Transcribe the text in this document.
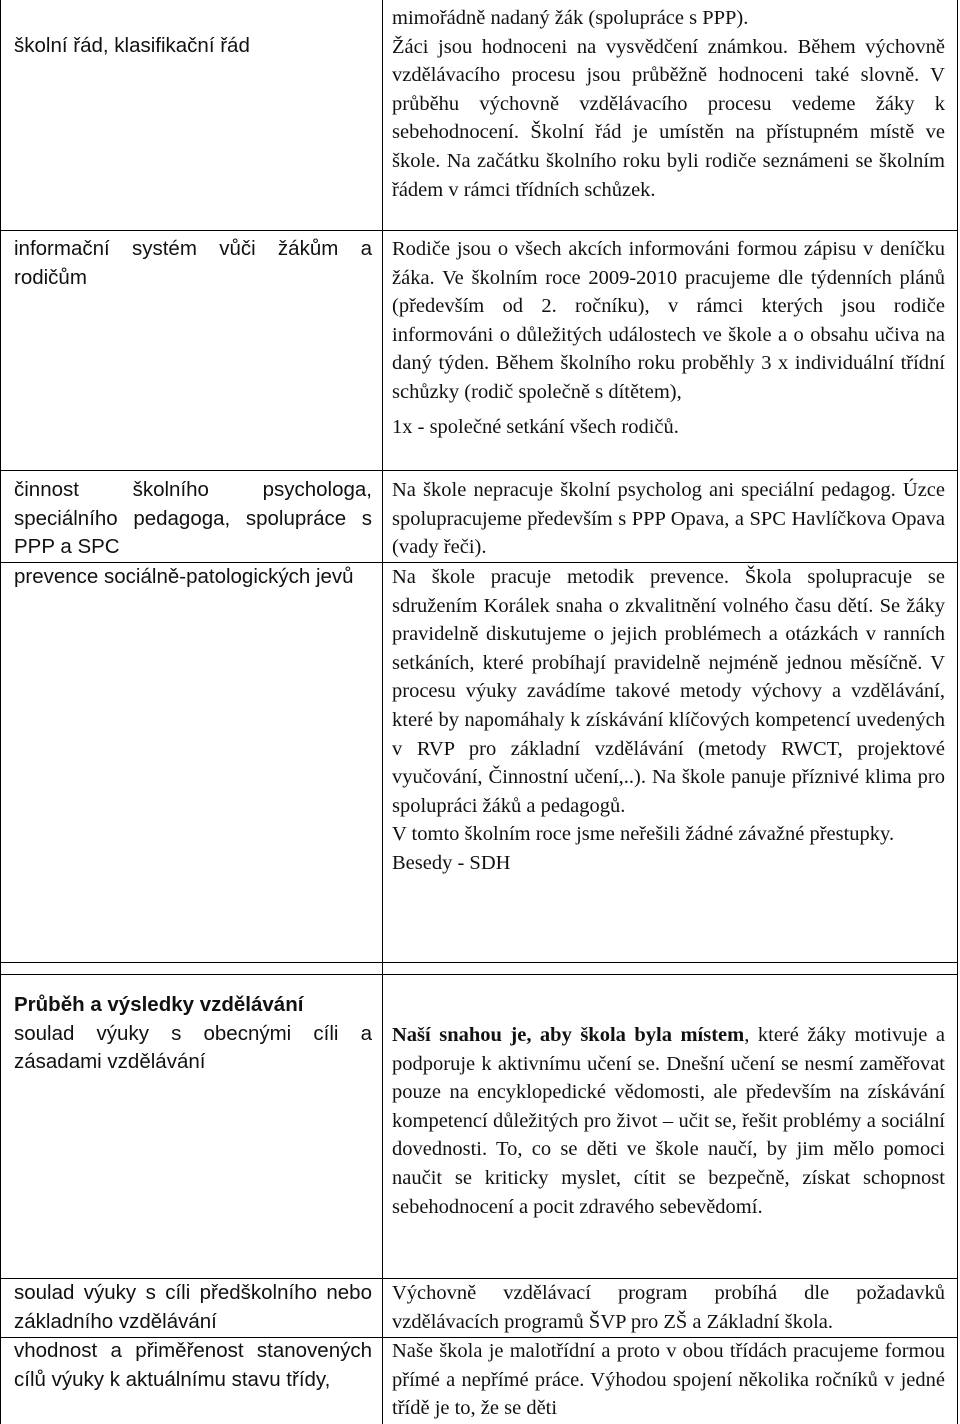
školní řád, klasifikační řád

mimořádně nadaný žák (spolupráce s PPP).

Žáci jsou hodnoceni na vysvědčení známkou. Během výchovně vzdělávacího procesu jsou průběžně hodnoceni také slovně. V průběhu výchovně vzdělávacího procesu vedeme žáky k sebehodnocení. Školní řád je umístěn na přístupném místě ve škole. Na začátku školního roku byli rodiče seznámeni se školním řádem v rámci třídních schůzek.

informační systém vůči žákům a rodičům

Rodiče jsou o všech akcích informováni formou zápisu v deníčku žáka. Ve školním roce 2009-2010 pracujeme dle týdenních plánů (především od 2. ročníku), v rámci kterých jsou rodiče informováni o důležitých událostech ve škole a o obsahu učiva na daný týden. Během školního roku proběhly 3 x individuální třídní schůzky (rodič společně s dítětem),

1x - společné setkání všech rodičů.

činnost školního psychologa, speciálního pedagoga, spolupráce s PPP a SPC

Na škole nepracuje školní psycholog ani speciální pedagog. Úzce spolupracujeme především s PPP Opava, a SPC Havlíčkova Opava (vady řeči).

prevence sociálně-patologických jevů	Na škole pracuje metodik prevence. Škola spolupracuje se sdružením Korálek snaha o zkvalitnění volného času dětí. Se žáky pravidelně diskutujeme o jejich problémech a otázkách v ranních setkáních, které probíhají pravidelně nejméně jednou měsíčně. V procesu výuky zavádíme takové metody výchovy a vzdělávání, které by napomáhaly k získávání klíčových kompetencí uvedených v RVP pro základní vzdělávání (metody RWCT, projektové vyučování, Činnostní učení,..). Na škole panuje příznivé klima pro spolupráci žáků a pedagogů.

V tomto školním roce jsme neřešili žádné závažné přestupky.

Besedy - SDH

Průběh a výsledky vzdělávání

soulad výuky s obecnými cíli a zásadami vzdělávání

Naší snahou je, aby škola byla místem, které žáky motivuje a podporuje k aktivnímu učení se. Dnešní učení se nesmí zaměřovat pouze na encyklopedické vědomosti, ale především na získávání kompetencí důležitých pro život – učit se, řešit problémy a sociální dovednosti. To, co se děti ve škole naučí, by jim mělo pomoci naučit se kriticky myslet, cítit se bezpečně, získat schopnost sebehodnocení a pocit zdravého sebevědomí.

soulad výuky s cíli předškolního nebo základního vzdělávání

Výchovně vzdělávací program probíhá dle požadavků vzdělávacích programů ŠVP pro ZŠ a Základní škola.

vhodnost a přiměřenost stanovených cílů výuky k aktuálnímu stavu třídy,

Naše škola je malotřídní a proto v obou třídách pracujeme formou přímé a nepřímé práce. Výhodou spojení několika ročníků v jedné třídě je to, že se děti
